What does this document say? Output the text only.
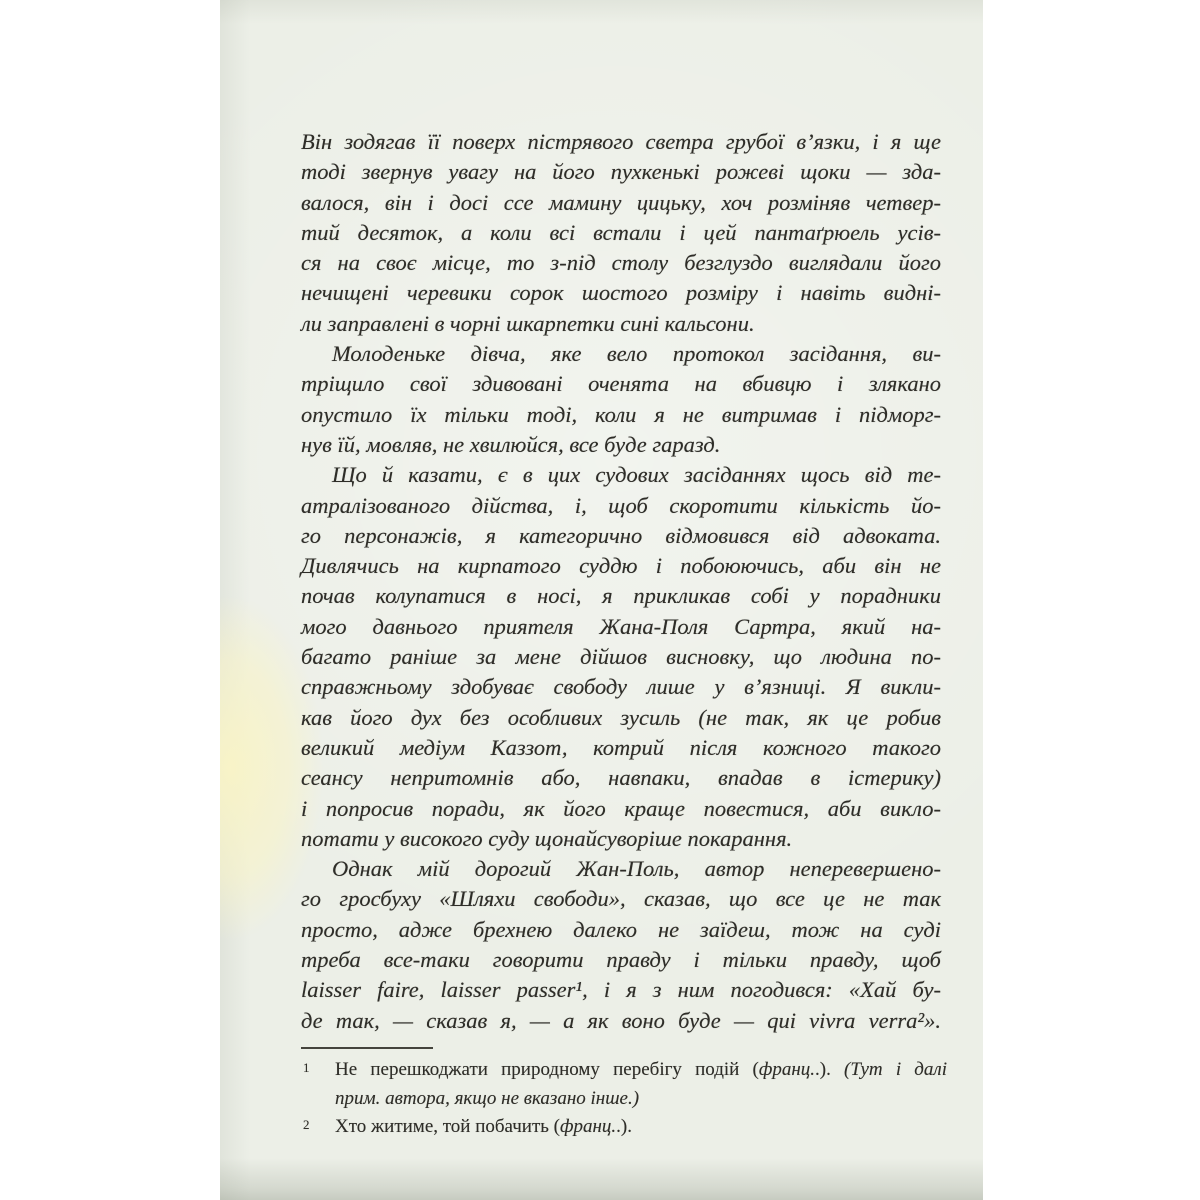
Він зодягав її поверх пістрявого светра грубої в’язки, і я ще
тоді звернув увагу на його пухкенькі рожеві щоки — зда-
валося, він і досі ссе мамину цицьку, хоч розміняв четвер-
тий десяток, а коли всі встали і цей пантаґрюель усів-
ся на своє місце, то з-під столу безглуздо виглядали його
нечищені черевики сорок шостого розміру і навіть видні-
ли заправлені в чорні шкарпетки сині кальсони.
Молоденьке дівча, яке вело протокол засідання, ви-
тріщило свої здивовані оченята на вбивцю і злякано
опустило їх тільки тоді, коли я не витримав і підморг-
нув їй, мовляв, не хвилюйся, все буде гаразд.
Що й казати, є в цих судових засіданнях щось від те-
атралізованого дійства, і, щоб скоротити кількість йо-
го персонажів, я категорично відмовився від адвоката.
Дивлячись на кирпатого суддю і побоюючись, аби він не
почав колупатися в носі, я прикликав собі у порадники
мого давнього приятеля Жана-Поля Сартра, який на-
багато раніше за мене дійшов висновку, що людина по-
справжньому здобуває свободу лише у в’язниці. Я викли-
кав його дух без особливих зусиль (не так, як це робив
великий медіум Каззот, котрий після кожного такого
сеансу непритомнів або, навпаки, впадав в істерику)
і попросив поради, як його краще повестися, аби викло-
потати у високого суду щонайсуворіше покарання.
Однак мій дорогий Жан-Поль, автор неперевершено-
го гросбуху «Шляхи свободи», сказав, що все це не так
просто, адже брехнею далеко не заїдеш, тож на суді
треба все-таки говорити правду і тільки правду, щоб
laisser faire, laisser passer¹, і я з ним погодився: «Хай бу-
де так, — сказав я, — а як воно буде — qui vivra verra²».
1 Не перешкоджати природному перебігу подій (франц..). (Тут і далі
прим. автора, якщо не вказано інше.)
2 Хто житиме, той побачить (франц..).
